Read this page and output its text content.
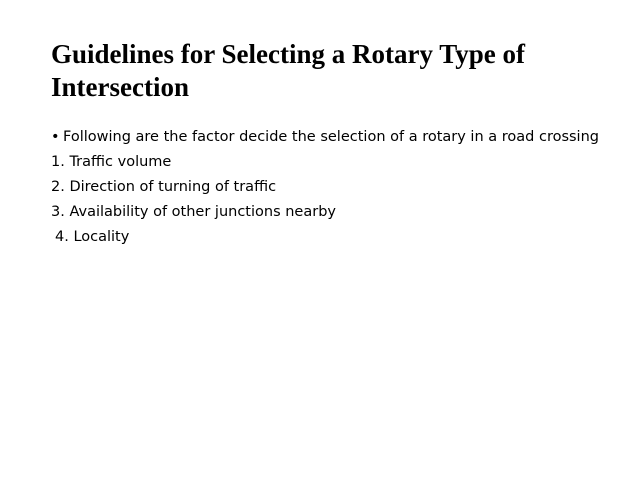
Guidelines for Selecting a Rotary Type of Intersection
• Following are the factor decide the selection of a rotary in a road crossing
1. Traffic volume
2. Direction of turning of traffic
3. Availability of other junctions nearby
4. Locality
